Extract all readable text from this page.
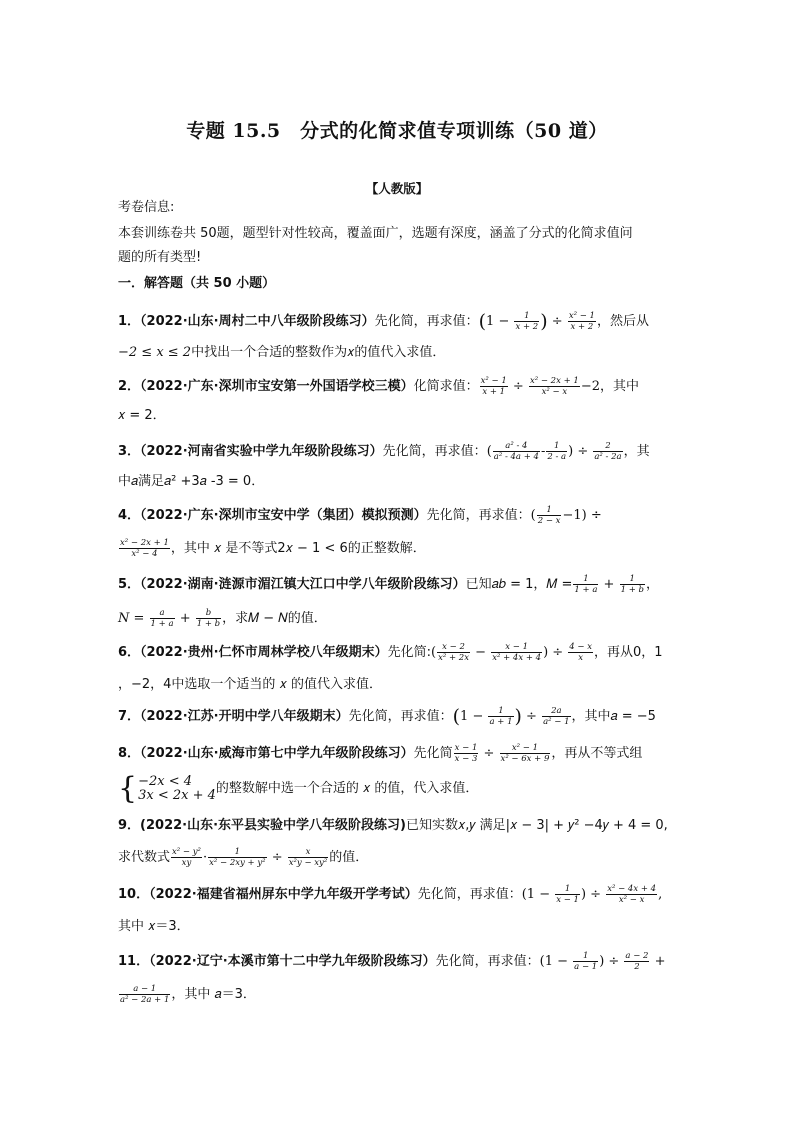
专题 15.5　分式的化简求值专项训练（50 道）
【人教版】
考卷信息:
本套训练卷共 50题，题型针对性较高，覆盖面广，选题有深度，涵盖了分式的化简求值问
题的所有类型!
一．解答题（共 50 小题）
1．（2022·山东·周村二中八年级阶段练习）先化简，再求值：($1 - \frac{1}{x + 2}$ ) ÷ $\frac{\text{x² − 1}}{x + 2}$ ，然后从
−2 ≤ 𝑥 ≤ 2中找出一个合适的整数作为𝑥的值代入求值．
2．（2022·广东·深圳市宝安第一外国语学校三模）化简求值： $\frac{\text{x² − 1}}{x + 1} \div \frac{\text{x² − 2x + 1}}{\text{x² − x}} -2$，其中
𝑥 = 2．
3．（2022·河南省实验中学九年级阶段练习）先化简，再求值：( $\frac{\text{a² - 4}}{\text{a² - 4a + 4}} - \frac{1}{2 - a}$ ) ÷ $\frac{2}{\text{a² - 2a}}$ ，其
中𝑎满足𝑎² +3𝑎 -3 = 0．
4．（2022·广东·深圳市宝安中学（集团）模拟预测）先化简，再求值：( $\frac{1}{2 - x} -1$) ÷
$\frac{\text{x² − 2x + 1}}{\text{x² − 4}}$ ，其中 𝑥 是不等式2𝑥 − 1 < 6的正整数解．
5．（2022·湖南·涟源市湄江镇大江口中学八年级阶段练习）已知𝑎𝑏 = 1，𝑀 = $\frac{1}{1 + a} + \frac{1}{1 + b}$ ，
$N = \frac{a}{1 + a} + \frac{b}{1 + b}$ ，求𝑀 − 𝑁的值．
6．（2022·贵州·仁怀市周林学校八年级期末）先化简:( $\frac{x - 2}{\text{x² + 2x}} - \frac{x - 1}{\text{x² + 4x + 4}}$ ) ÷ $\frac{4 - x}{x}$ ，再从0，1
，−2，4中选取一个适当的 𝑥 的值代入求值．
7．（2022·江苏·开明中学八年级期末）先化简，再求值：($1 - \frac{1}{a + 1}$ ) ÷ $\frac{2a}{\text{a² − 1}}$ ，其中𝑎 = −5
8．（2022·山东·威海市第七中学九年级阶段练习）先化简 $\frac{x - 1}{x - 3} \div \frac{\text{x² − 1}}{\text{x² − 6x + 9}}$ ，再从不等式组
{ −2𝑥 < 4
3𝑥 < 2𝑥 + 4 的整数解中选一个合适的 𝑥 的值，代入求值．
9．(2022·山东·东平县实验中学八年级阶段练习)已知实数𝑥,𝑦 满足|𝑥 − 3| + 𝑦² −4𝑦 + 4 = 0,
求代数式 $\frac{\text{x² − y²}}{xy} \cdot \frac{1}{\text{x² − 2xy + y²}} \div \frac{x}{\text{x²y − xy²}}$ 的值．
10．（2022·福建省福州屏东中学九年级开学考试）先化简，再求值：($1 - \frac{1}{x - 1}$ ) ÷ $\frac{\text{x² − 4x + 4}}{\text{x² − x}}$ ,
其中 𝑥＝3．
11．（2022·辽宁·本溪市第十二中学九年级阶段练习）先化简，再求值：($1 - \frac{1}{a - 1}$ ) ÷ $\frac{a - 2}{2}$ +
$\frac{a - 1}{\text{a² − 2a + 1}}$ ，其中 𝑎＝3．
